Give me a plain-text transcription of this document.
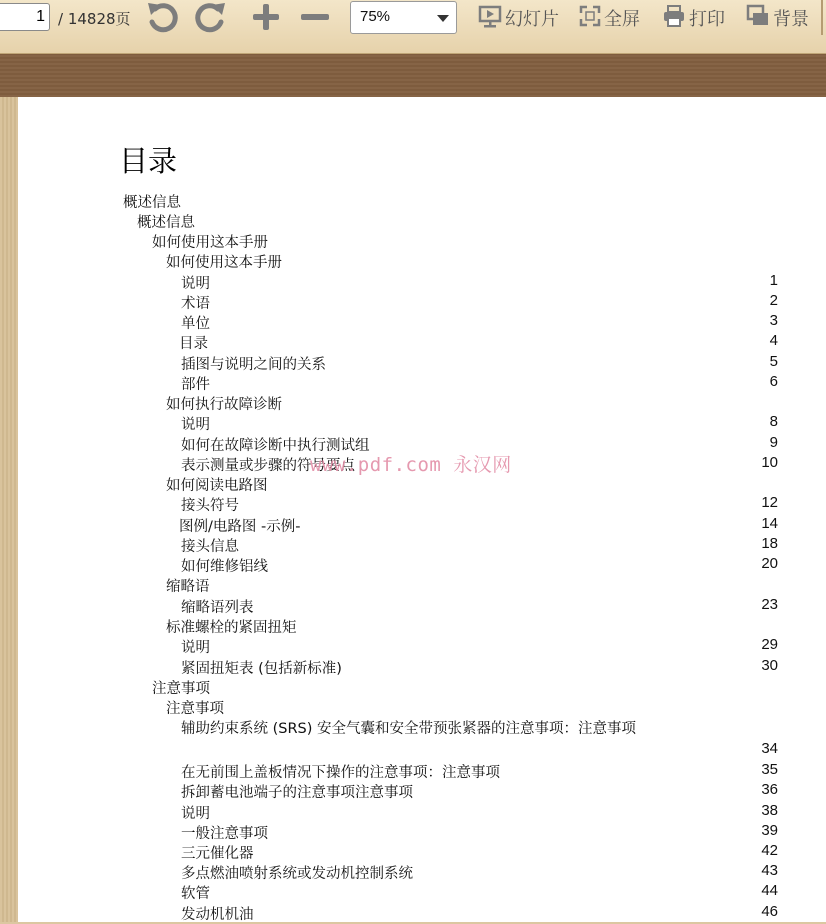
1 / 14828页	75%	幻灯片	全屏	打印	背景
目录
概述信息
概述信息
如何使用这本手册
如何使用这本手册
说明	1
术语	2
单位	3
目录	4
插图与说明之间的关系	5
部件	6
如何执行故障诊断
说明	8
如何在故障诊断中执行测试组	9
表示测量或步骤的符号要点	10
如何阅读电路图
接头符号	12
图例/电路图 -示例-	14
接头信息	18
如何维修铝线	20
缩略语
缩略语列表	23
标准螺栓的紧固扭矩
说明	29
紧固扭矩表 (包括新标准)	30
注意事项
注意事项
辅助约束系统 (SRS) 安全气囊和安全带预张紧器的注意事项：注意事项
34
在无前围上盖板情况下操作的注意事项：注意事项	35
拆卸蓄电池端子的注意事项注意事项	36
说明	38
一般注意事项	39
三元催化器	42
多点燃油喷射系统或发动机控制系统	43
软管	44
发动机机油	46
www.pdf.com 永汉网
